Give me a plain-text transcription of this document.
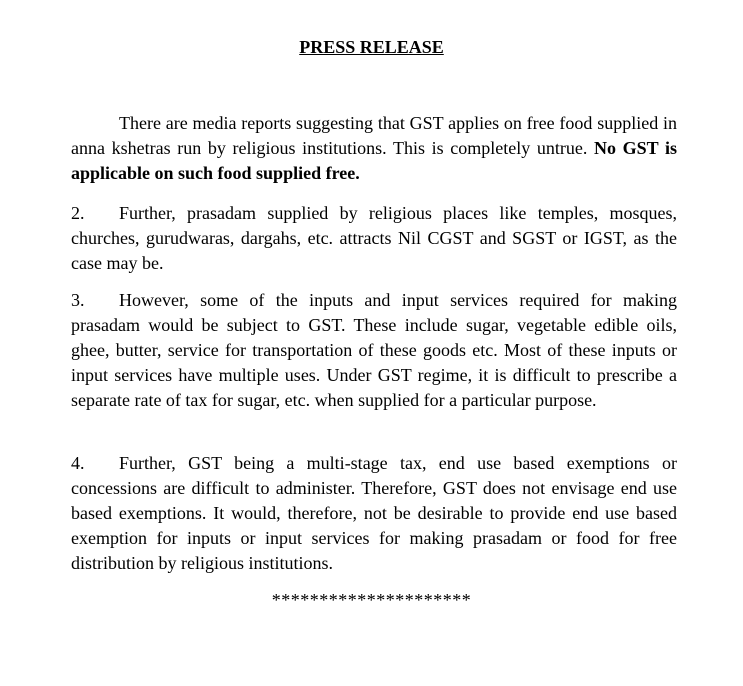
PRESS RELEASE

There are media reports suggesting that GST applies on free food supplied in anna kshetras run by religious institutions. This is completely untrue. No GST is applicable on such food supplied free.

2. Further, prasadam supplied by religious places like temples, mosques, churches, gurudwaras, dargahs, etc. attracts Nil CGST and SGST or IGST, as the case may be.

3. However, some of the inputs and input services required for making prasadam would be subject to GST. These include sugar, vegetable edible oils, ghee, butter, service for transportation of these goods etc. Most of these inputs or input services have multiple uses. Under GST regime, it is difficult to prescribe a separate rate of tax for sugar, etc. when supplied for a particular purpose.

4. Further, GST being a multi-stage tax, end use based exemptions or concessions are difficult to administer. Therefore, GST does not envisage end use based exemptions. It would, therefore, not be desirable to provide end use based exemption for inputs or input services for making prasadam or food for free distribution by religious institutions.

*********************
